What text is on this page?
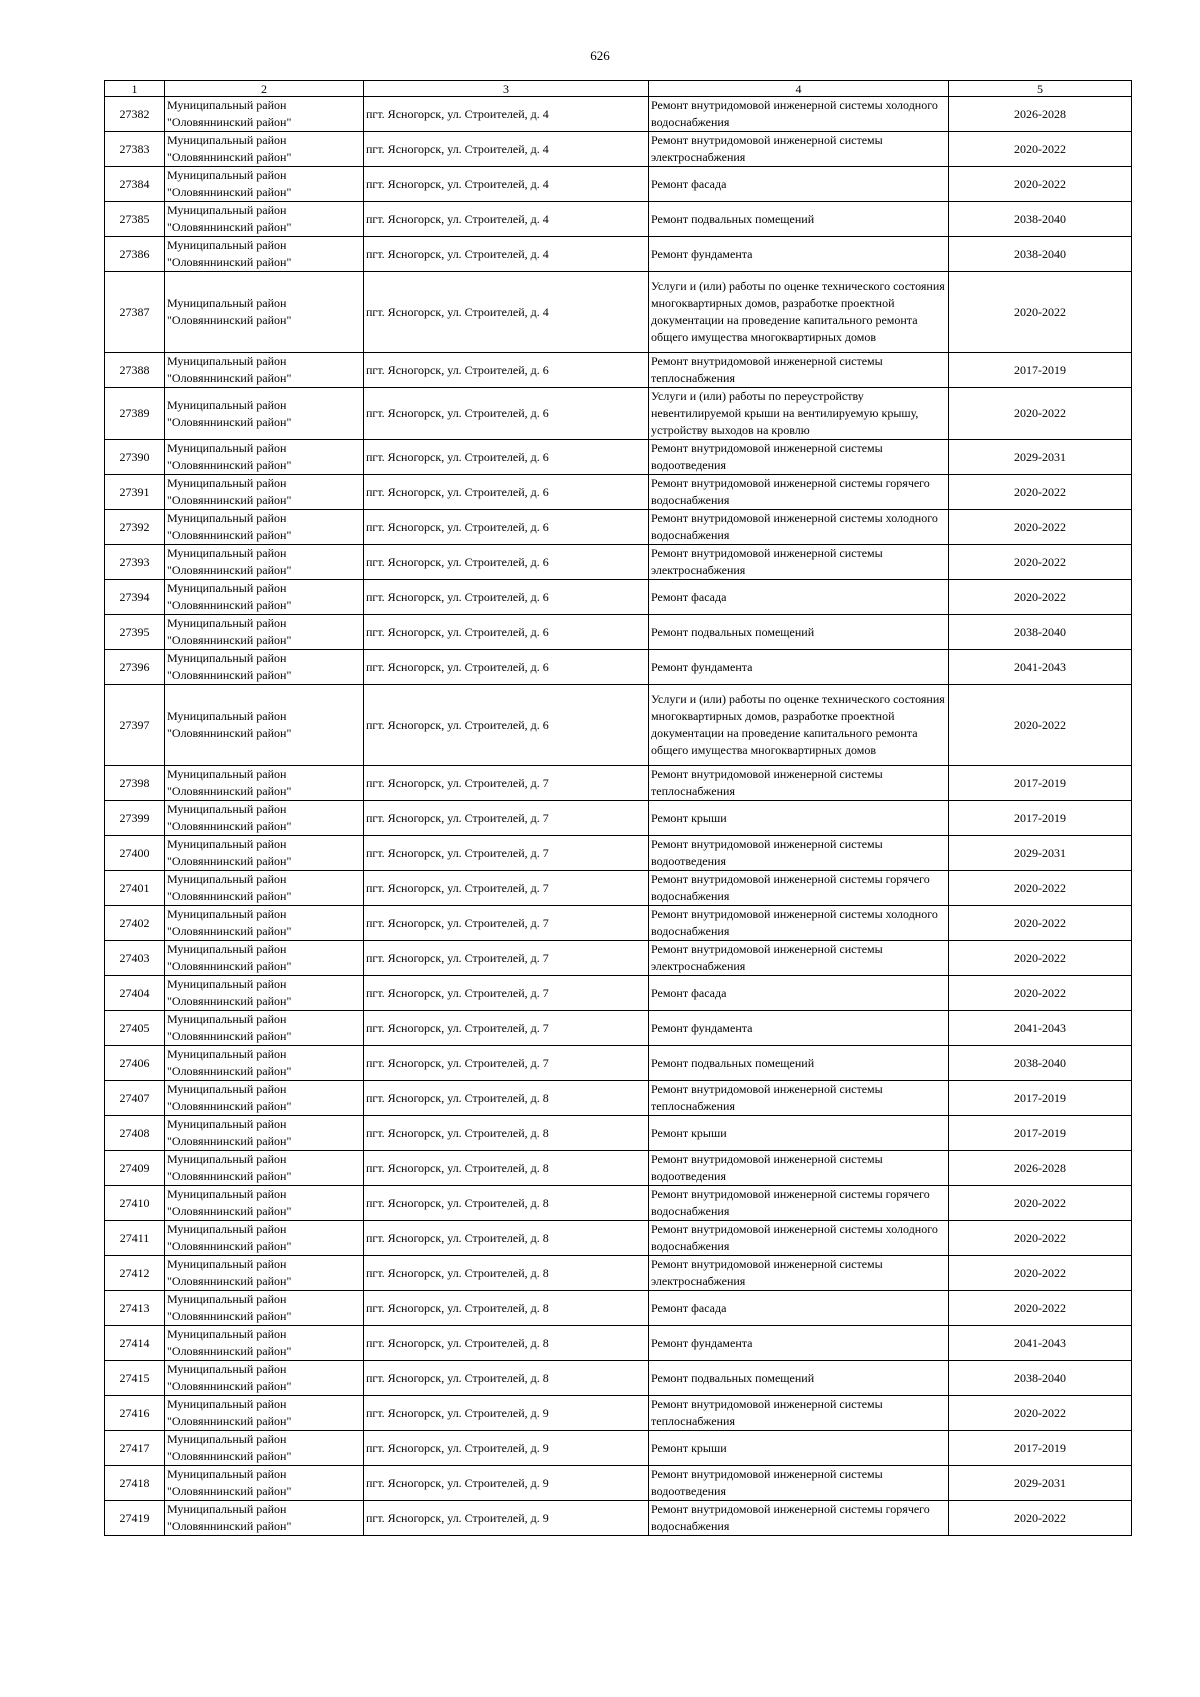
626
1	2	3	4	5
27382	Муниципальный район "Оловяннинский район"	пгт. Ясногорск, ул. Строителей, д. 4	Ремонт внутридомовой инженерной системы холодного водоснабжения	2026-2028
27383	Муниципальный район "Оловяннинский район"	пгт. Ясногорск, ул. Строителей, д. 4	Ремонт внутридомовой инженерной системы электроснабжения	2020-2022
27384	Муниципальный район "Оловяннинский район"	пгт. Ясногорск, ул. Строителей, д. 4	Ремонт фасада	2020-2022
27385	Муниципальный район "Оловяннинский район"	пгт. Ясногорск, ул. Строителей, д. 4	Ремонт подвальных помещений	2038-2040
27386	Муниципальный район "Оловяннинский район"	пгт. Ясногорск, ул. Строителей, д. 4	Ремонт фундамента	2038-2040
27387	Муниципальный район "Оловяннинский район"	пгт. Ясногорск, ул. Строителей, д. 4	Услуги и (или) работы по оценке технического состояния многоквартирных домов, разработке проектной документации на проведение капитального ремонта общего имущества многоквартирных домов	2020-2022
27388	Муниципальный район "Оловяннинский район"	пгт. Ясногорск, ул. Строителей, д. 6	Ремонт внутридомовой инженерной системы теплоснабжения	2017-2019
27389	Муниципальный район "Оловяннинский район"	пгт. Ясногорск, ул. Строителей, д. 6	Услуги и (или) работы по переустройству невентилируемой крыши на вентилируемую крышу, устройству выходов на кровлю	2020-2022
27390	Муниципальный район "Оловяннинский район"	пгт. Ясногорск, ул. Строителей, д. 6	Ремонт внутридомовой инженерной системы водоотведения	2029-2031
27391	Муниципальный район "Оловяннинский район"	пгт. Ясногорск, ул. Строителей, д. 6	Ремонт внутридомовой инженерной системы горячего водоснабжения	2020-2022
27392	Муниципальный район "Оловяннинский район"	пгт. Ясногорск, ул. Строителей, д. 6	Ремонт внутридомовой инженерной системы холодного водоснабжения	2020-2022
27393	Муниципальный район "Оловяннинский район"	пгт. Ясногорск, ул. Строителей, д. 6	Ремонт внутридомовой инженерной системы электроснабжения	2020-2022
27394	Муниципальный район "Оловяннинский район"	пгт. Ясногорск, ул. Строителей, д. 6	Ремонт фасада	2020-2022
27395	Муниципальный район "Оловяннинский район"	пгт. Ясногорск, ул. Строителей, д. 6	Ремонт подвальных помещений	2038-2040
27396	Муниципальный район "Оловяннинский район"	пгт. Ясногорск, ул. Строителей, д. 6	Ремонт фундамента	2041-2043
27397	Муниципальный район "Оловяннинский район"	пгт. Ясногорск, ул. Строителей, д. 6	Услуги и (или) работы по оценке технического состояния многоквартирных домов, разработке проектной документации на проведение капитального ремонта общего имущества многоквартирных домов	2020-2022
27398	Муниципальный район "Оловяннинский район"	пгт. Ясногорск, ул. Строителей, д. 7	Ремонт внутридомовой инженерной системы теплоснабжения	2017-2019
27399	Муниципальный район "Оловяннинский район"	пгт. Ясногорск, ул. Строителей, д. 7	Ремонт крыши	2017-2019
27400	Муниципальный район "Оловяннинский район"	пгт. Ясногорск, ул. Строителей, д. 7	Ремонт внутридомовой инженерной системы водоотведения	2029-2031
27401	Муниципальный район "Оловяннинский район"	пгт. Ясногорск, ул. Строителей, д. 7	Ремонт внутридомовой инженерной системы горячего водоснабжения	2020-2022
27402	Муниципальный район "Оловяннинский район"	пгт. Ясногорск, ул. Строителей, д. 7	Ремонт внутридомовой инженерной системы холодного водоснабжения	2020-2022
27403	Муниципальный район "Оловяннинский район"	пгт. Ясногорск, ул. Строителей, д. 7	Ремонт внутридомовой инженерной системы электроснабжения	2020-2022
27404	Муниципальный район "Оловяннинский район"	пгт. Ясногорск, ул. Строителей, д. 7	Ремонт фасада	2020-2022
27405	Муниципальный район "Оловяннинский район"	пгт. Ясногорск, ул. Строителей, д. 7	Ремонт фундамента	2041-2043
27406	Муниципальный район "Оловяннинский район"	пгт. Ясногорск, ул. Строителей, д. 7	Ремонт подвальных помещений	2038-2040
27407	Муниципальный район "Оловяннинский район"	пгт. Ясногорск, ул. Строителей, д. 8	Ремонт внутридомовой инженерной системы теплоснабжения	2017-2019
27408	Муниципальный район "Оловяннинский район"	пгт. Ясногорск, ул. Строителей, д. 8	Ремонт крыши	2017-2019
27409	Муниципальный район "Оловяннинский район"	пгт. Ясногорск, ул. Строителей, д. 8	Ремонт внутридомовой инженерной системы водоотведения	2026-2028
27410	Муниципальный район "Оловяннинский район"	пгт. Ясногорск, ул. Строителей, д. 8	Ремонт внутридомовой инженерной системы горячего водоснабжения	2020-2022
27411	Муниципальный район "Оловяннинский район"	пгт. Ясногорск, ул. Строителей, д. 8	Ремонт внутридомовой инженерной системы холодного водоснабжения	2020-2022
27412	Муниципальный район "Оловяннинский район"	пгт. Ясногорск, ул. Строителей, д. 8	Ремонт внутридомовой инженерной системы электроснабжения	2020-2022
27413	Муниципальный район "Оловяннинский район"	пгт. Ясногорск, ул. Строителей, д. 8	Ремонт фасада	2020-2022
27414	Муниципальный район "Оловяннинский район"	пгт. Ясногорск, ул. Строителей, д. 8	Ремонт фундамента	2041-2043
27415	Муниципальный район "Оловяннинский район"	пгт. Ясногорск, ул. Строителей, д. 8	Ремонт подвальных помещений	2038-2040
27416	Муниципальный район "Оловяннинский район"	пгт. Ясногорск, ул. Строителей, д. 9	Ремонт внутридомовой инженерной системы теплоснабжения	2020-2022
27417	Муниципальный район "Оловяннинский район"	пгт. Ясногорск, ул. Строителей, д. 9	Ремонт крыши	2017-2019
27418	Муниципальный район "Оловяннинский район"	пгт. Ясногорск, ул. Строителей, д. 9	Ремонт внутридомовой инженерной системы водоотведения	2029-2031
27419	Муниципальный район "Оловяннинский район"	пгт. Ясногорск, ул. Строителей, д. 9	Ремонт внутридомовой инженерной системы горячего водоснабжения	2020-2022
